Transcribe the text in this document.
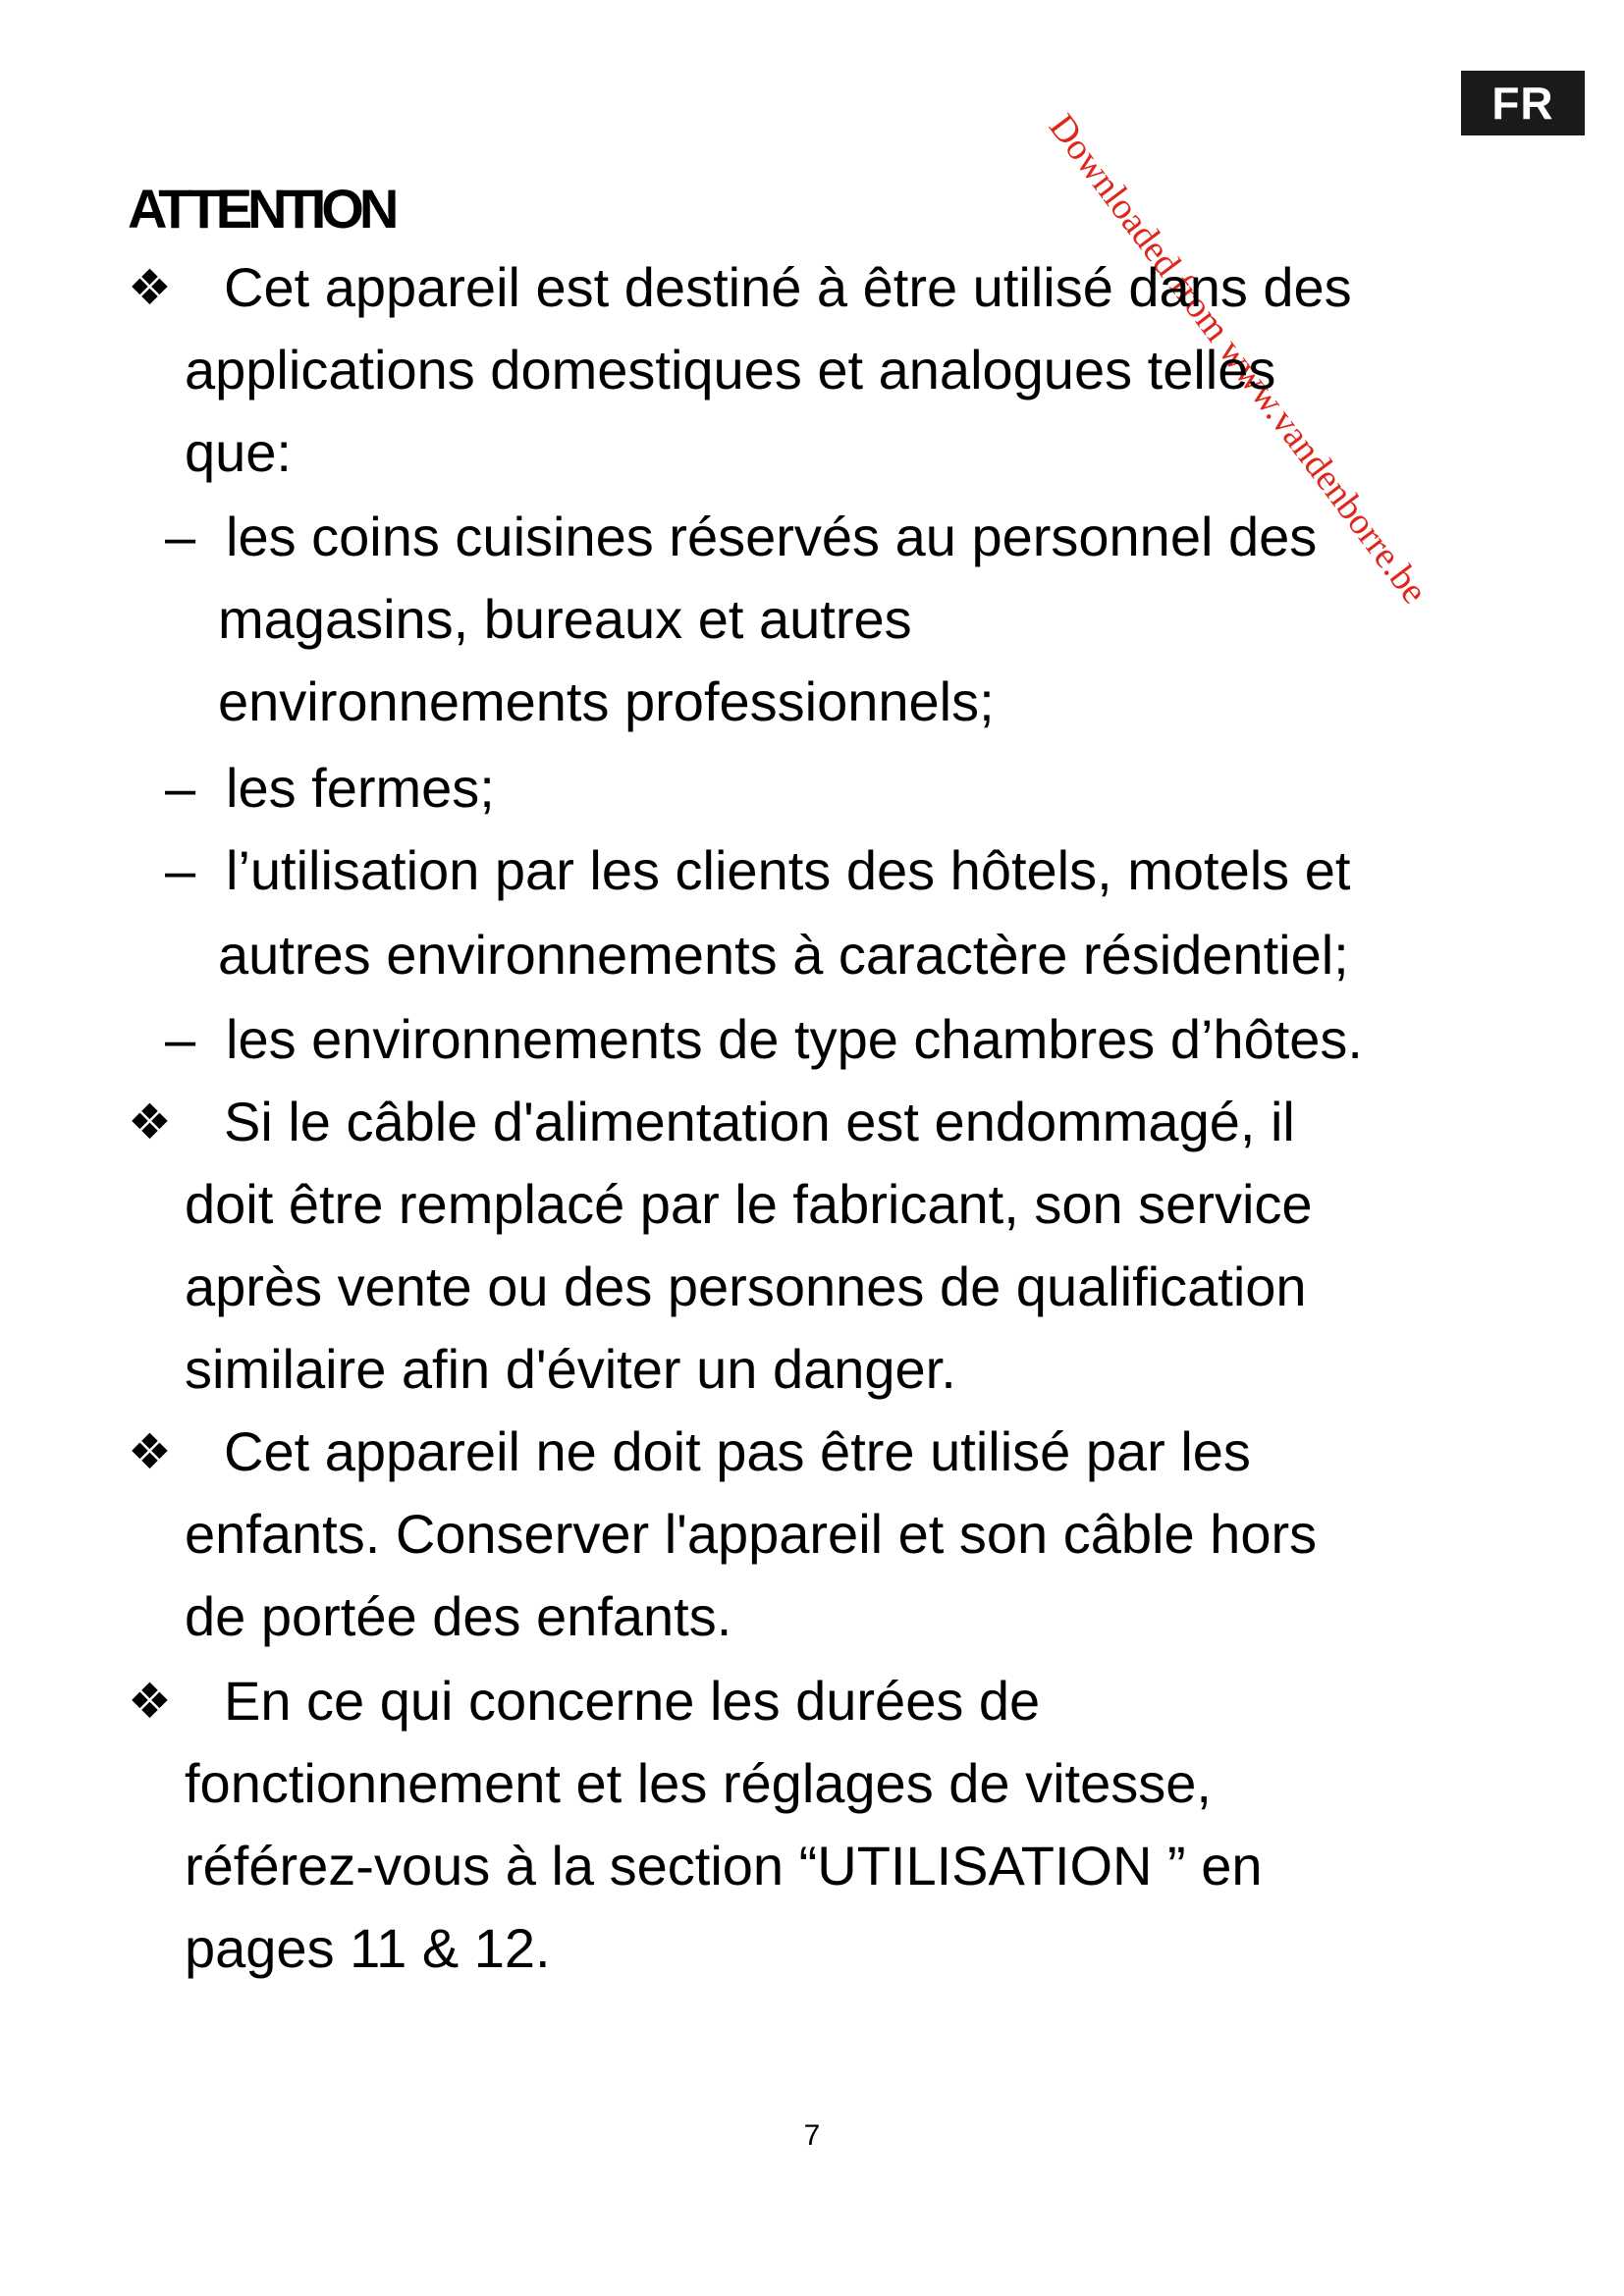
FR
Downloaded from www.vandenborre.be
ATTENTION
❖ Cet appareil est destiné à être utilisé dans des

applications domestiques et analogues telles

que:

– les coins cuisines réservés au personnel des

magasins, bureaux et autres

environnements professionnels;

– les fermes;

– l’utilisation par les clients des hôtels, motels et

autres environnements à caractère résidentiel;

– les environnements de type chambres d’hôtes.

❖ Si le câble d'alimentation est endommagé, il

doit être remplacé par le fabricant, son service

après vente ou des personnes de qualification

similaire afin d'éviter un danger.

❖ Cet appareil ne doit pas être utilisé par les

enfants. Conserver l'appareil et son câble hors

de portée des enfants.

❖ En ce qui concerne les durées de

fonctionnement et les réglages de vitesse,

référez-vous à la section “UTILISATION ” en

pages 11 & 12.

7
